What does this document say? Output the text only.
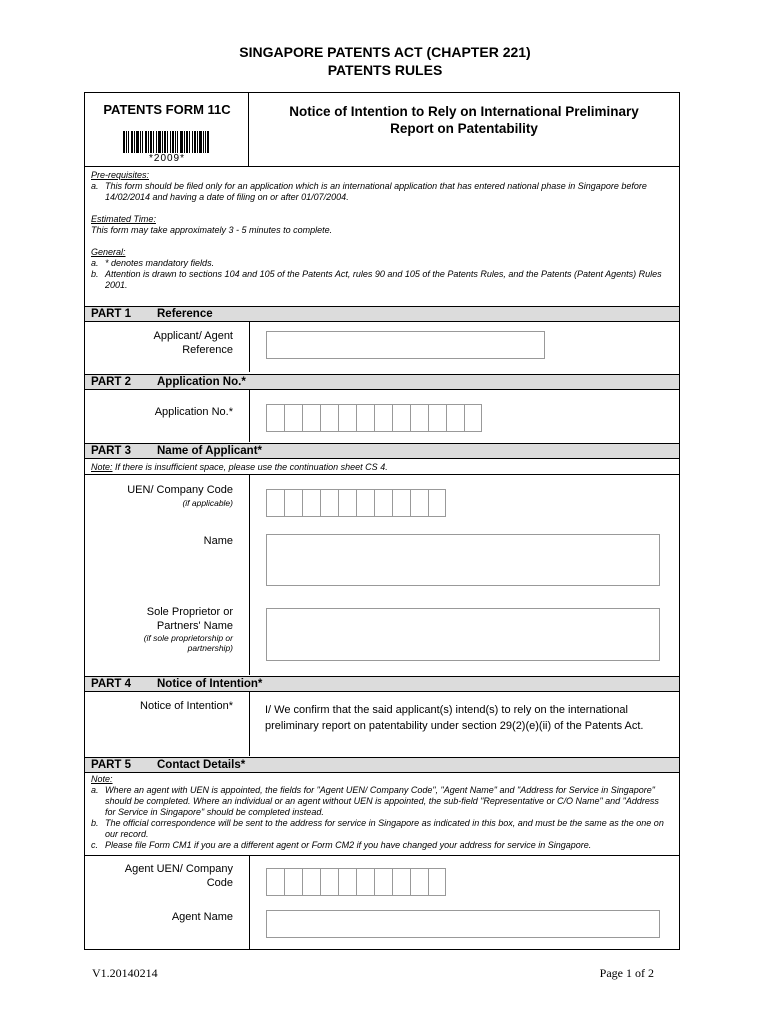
SINGAPORE PATENTS ACT (CHAPTER 221)
PATENTS RULES
PATENTS FORM 11C
*2009*
Notice of Intention to Rely on International Preliminary
Report on Patentability
Pre-requisites:
a. This form should be filed only for an application which is an international application that has entered national phase in Singapore before 14/02/2014 and having a date of filing on or after 01/07/2004.
Estimated Time:
This form may take approximately 3 - 5 minutes to complete.
General:
a. * denotes mandatory fields.
b. Attention is drawn to sections 104 and 105 of the Patents Act, rules 90 and 105 of the Patents Rules, and the Patents (Patent Agents) Rules 2001.
PART 1 Reference
Applicant/ Agent
Reference
PART 2 Application No.*
Application No.*
PART 3 Name of Applicant*
Note: If there is insufficient space, please use the continuation sheet CS 4.
UEN/ Company Code
(if applicable)
Name
Sole Proprietor or
Partners' Name
(if sole proprietorship or
partnership)
PART 4 Notice of Intention*
Notice of Intention*	I/ We confirm that the said applicant(s) intend(s) to rely on the international preliminary report on patentability under section 29(2)(e)(ii) of the Patents Act.
PART 5 Contact Details*
Note:
a. Where an agent with UEN is appointed, the fields for "Agent UEN/ Company Code", "Agent Name" and "Address for Service in Singapore" should be completed. Where an individual or an agent without UEN is appointed, the sub-field "Representative or C/O Name" and "Address for Service in Singapore" should be completed instead.
b. The official correspondence will be sent to the address for service in Singapore as indicated in this box, and must be the same as the one on our record.
c. Please file Form CM1 if you are a different agent or Form CM2 if you have changed your address for service in Singapore.
Agent UEN/ Company
Code
Agent Name
V1.20140214	Page 1 of 2
